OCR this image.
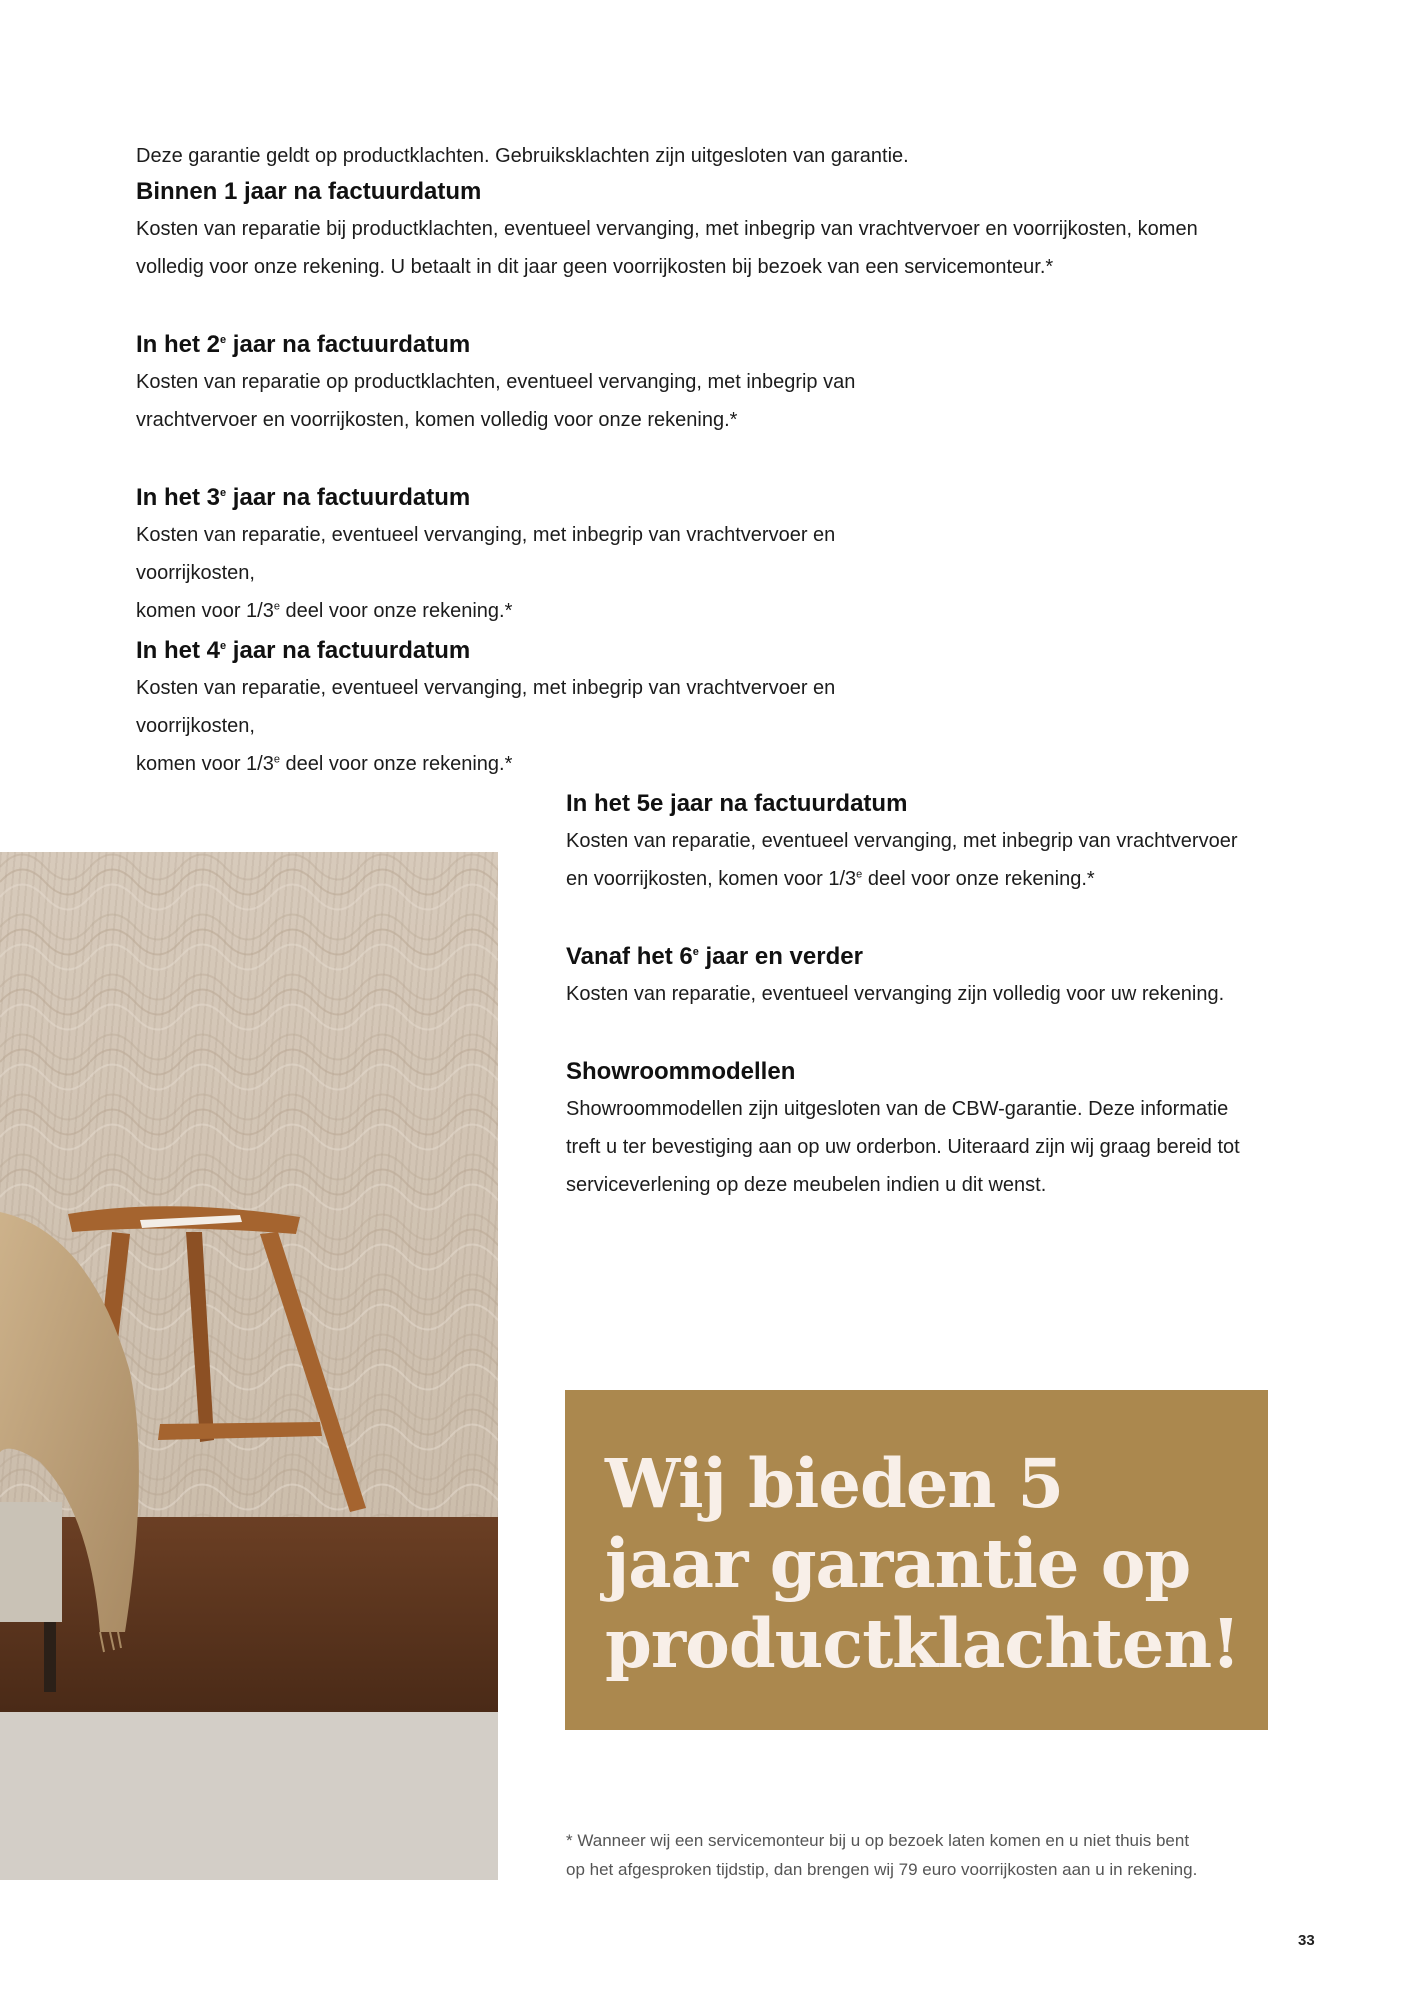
Deze garantie geldt op productklachten. Gebruiksklachten zijn uitgesloten van garantie.
Binnen 1 jaar na factuurdatum

Kosten van reparatie bij productklachten, eventueel vervanging, met inbegrip van vrachtvervoer en voorrijkosten, komen

volledig voor onze rekening. U betaalt in dit jaar geen voorrijkosten bij bezoek van een servicemonteur.*

In het 2e jaar na factuurdatum

Kosten van reparatie op productklachten, eventueel vervanging, met inbegrip van

vrachtvervoer en voorrijkosten, komen volledig voor onze rekening.*

In het 3e jaar na factuurdatum

Kosten van reparatie, eventueel vervanging, met inbegrip van vrachtvervoer en voorrijkosten,

komen voor 1/3e deel voor onze rekening.*

In het 4e jaar na factuurdatum

Kosten van reparatie, eventueel vervanging, met inbegrip van vrachtvervoer en voorrijkosten,

komen voor 1/3e deel voor onze rekening.*

In het 5e jaar na factuurdatum

Kosten van reparatie, eventueel vervanging, met inbegrip van vrachtvervoer

en voorrijkosten, komen voor 1/3e deel voor onze rekening.*

Vanaf het 6e jaar en verder

Kosten van reparatie, eventueel vervanging zijn volledig voor uw rekening.

Showroommodellen

Showroommodellen zijn uitgesloten van de CBW-garantie. Deze informatie

treft u ter bevestiging aan op uw orderbon. Uiteraard zijn wij graag bereid tot

serviceverlening op deze meubelen indien u dit wenst.

Wij bieden 5
jaar garantie op
productklachten!
* Wanneer wij een servicemonteur bij u op bezoek laten komen en u niet thuis bent
op het afgesproken tijdstip, dan brengen wij 79 euro voorrijkosten aan u in rekening.
33
